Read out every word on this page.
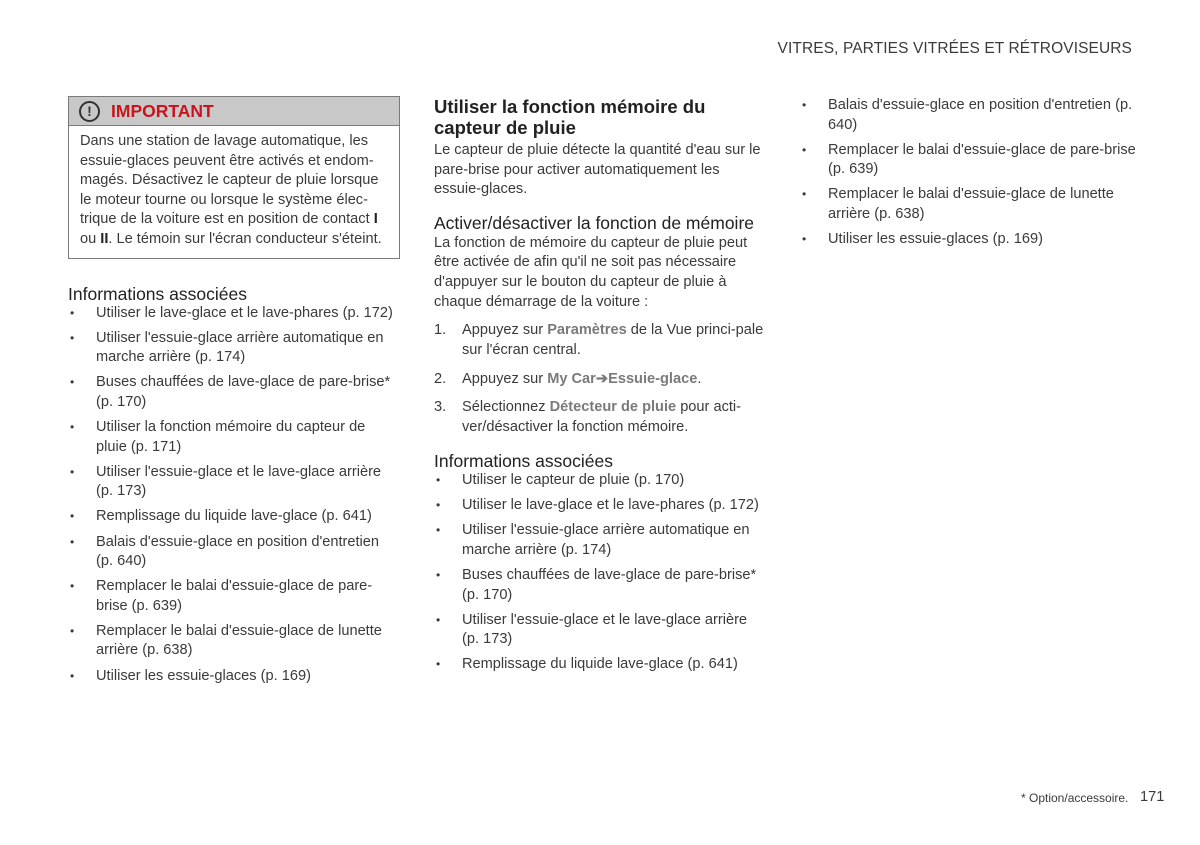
VITRES, PARTIES VITRÉES ET RÉTROVISEURS
!	IMPORTANT
Dans une station de lavage automatique, les essuie-glaces peuvent être activés et endom-magés. Désactivez le capteur de pluie lorsque le moteur tourne ou lorsque le système élec-trique de la voiture est en position de contact I ou II. Le témoin sur l'écran conducteur s'éteint.
Informations associées
• Utiliser le lave-glace et le lave-phares (p. 172)
• Utiliser l'essuie-glace arrière automatique en marche arrière (p. 174)
• Buses chauffées de lave-glace de pare-brise* (p. 170)
• Utiliser la fonction mémoire du capteur de pluie (p. 171)
• Utiliser l'essuie-glace et le lave-glace arrière (p. 173)
• Remplissage du liquide lave-glace (p. 641)
• Balais d'essuie-glace en position d'entretien (p. 640)
• Remplacer le balai d'essuie-glace de pare-brise (p. 639)
• Remplacer le balai d'essuie-glace de lunette arrière (p. 638)
• Utiliser les essuie-glaces (p. 169)
Utiliser la fonction mémoire du capteur de pluie

Le capteur de pluie détecte la quantité d'eau sur le pare-brise pour activer automatiquement les essuie-glaces.

Activer/désactiver la fonction de mémoire

La fonction de mémoire du capteur de pluie peut être activée de afin qu'il ne soit pas nécessaire d'appuyer sur le bouton du capteur de pluie à chaque démarrage de la voiture :

1. Appuyez sur Paramètres de la Vue princi-pale sur l'écran central.
2. Appuyez sur My Car➔Essuie-glace.
3. Sélectionnez Détecteur de pluie pour acti-ver/désactiver la fonction mémoire.
Informations associées
• Utiliser le capteur de pluie (p. 170)
• Utiliser le lave-glace et le lave-phares (p. 172)
• Utiliser l'essuie-glace arrière automatique en marche arrière (p. 174)
• Buses chauffées de lave-glace de pare-brise* (p. 170)
• Utiliser l'essuie-glace et le lave-glace arrière (p. 173)
• Remplissage du liquide lave-glace (p. 641)
• Balais d'essuie-glace en position d'entretien (p. 640)
• Remplacer le balai d'essuie-glace de pare-brise (p. 639)
• Remplacer le balai d'essuie-glace de lunette arrière (p. 638)
• Utiliser les essuie-glaces (p. 169)
* Option/accessoire. 171
